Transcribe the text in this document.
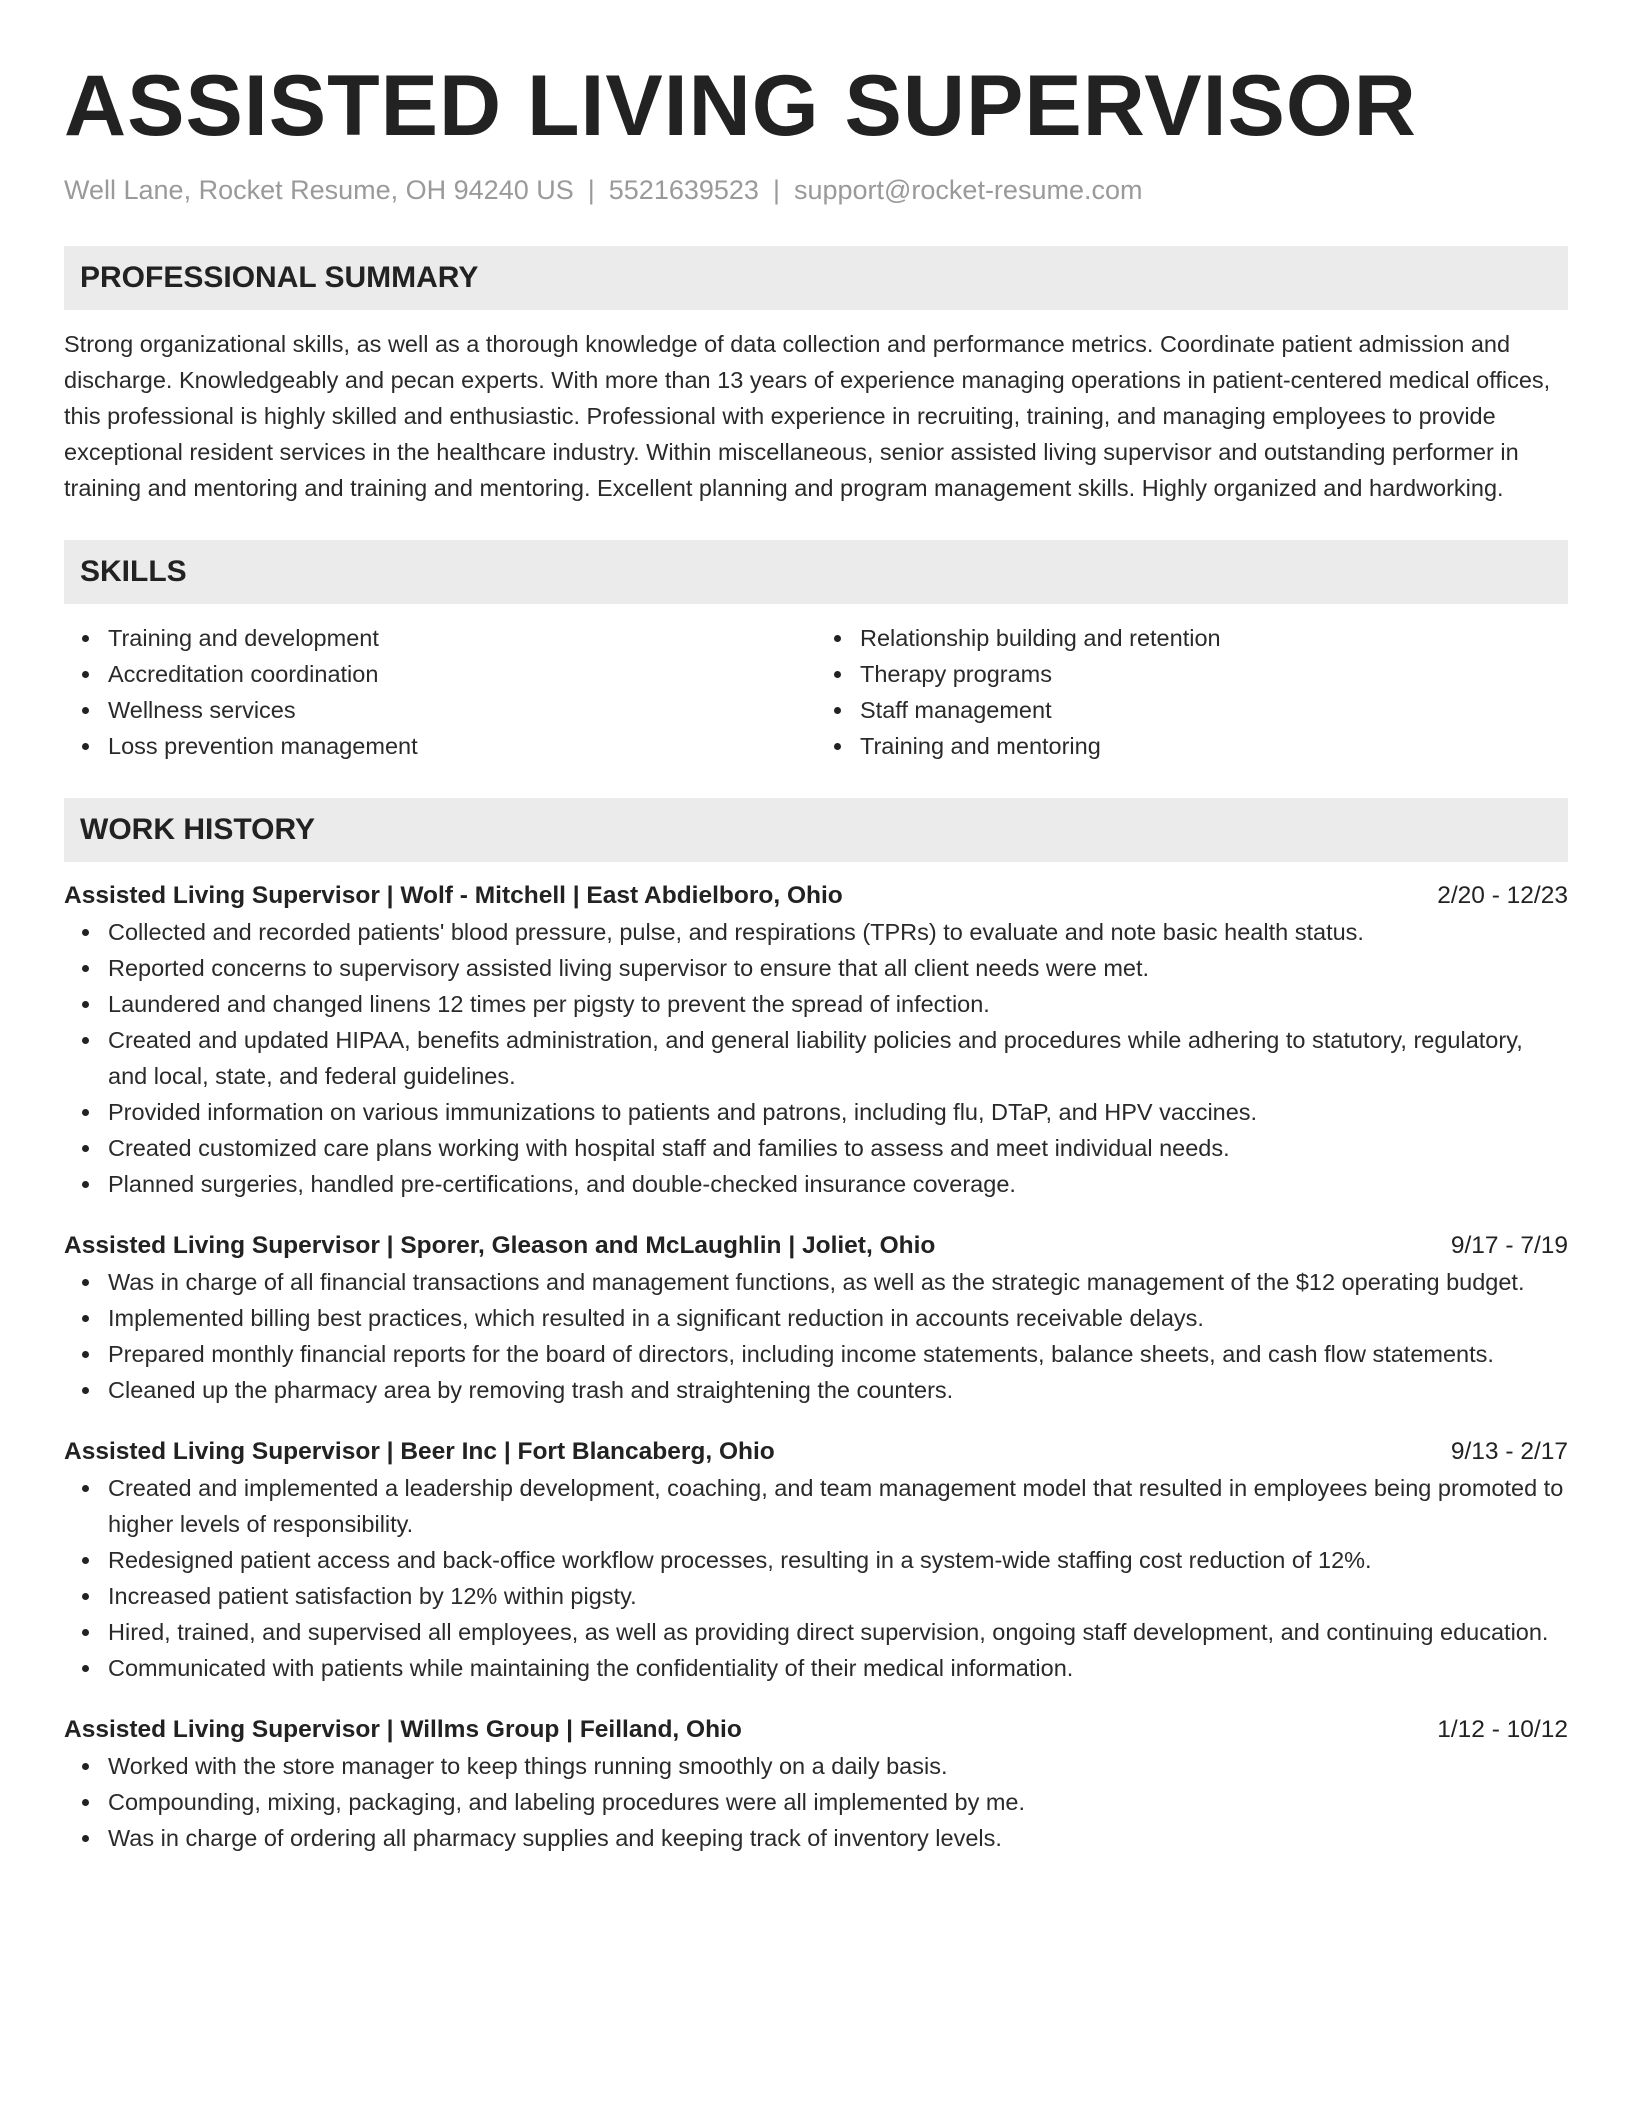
ASSISTED LIVING SUPERVISOR
Well Lane, Rocket Resume, OH 94240 US | 5521639523 | support@rocket-resume.com
PROFESSIONAL SUMMARY
Strong organizational skills, as well as a thorough knowledge of data collection and performance metrics. Coordinate patient admission and discharge. Knowledgeably and pecan experts. With more than 13 years of experience managing operations in patient-centered medical offices, this professional is highly skilled and enthusiastic. Professional with experience in recruiting, training, and managing employees to provide exceptional resident services in the healthcare industry. Within miscellaneous, senior assisted living supervisor and outstanding performer in training and mentoring and training and mentoring. Excellent planning and program management skills. Highly organized and hardworking.
SKILLS
Training and development
Accreditation coordination
Wellness services
Loss prevention management
Relationship building and retention
Therapy programs
Staff management
Training and mentoring
WORK HISTORY
Assisted Living Supervisor | Wolf - Mitchell | East Abdielboro, Ohio	2/20 - 12/23
Collected and recorded patients' blood pressure, pulse, and respirations (TPRs) to evaluate and note basic health status.
Reported concerns to supervisory assisted living supervisor to ensure that all client needs were met.
Laundered and changed linens 12 times per pigsty to prevent the spread of infection.
Created and updated HIPAA, benefits administration, and general liability policies and procedures while adhering to statutory, regulatory, and local, state, and federal guidelines.
Provided information on various immunizations to patients and patrons, including flu, DTaP, and HPV vaccines.
Created customized care plans working with hospital staff and families to assess and meet individual needs.
Planned surgeries, handled pre-certifications, and double-checked insurance coverage.
Assisted Living Supervisor | Sporer, Gleason and McLaughlin | Joliet, Ohio	9/17 - 7/19
Was in charge of all financial transactions and management functions, as well as the strategic management of the $12 operating budget.
Implemented billing best practices, which resulted in a significant reduction in accounts receivable delays.
Prepared monthly financial reports for the board of directors, including income statements, balance sheets, and cash flow statements.
Cleaned up the pharmacy area by removing trash and straightening the counters.
Assisted Living Supervisor | Beer Inc | Fort Blancaberg, Ohio	9/13 - 2/17
Created and implemented a leadership development, coaching, and team management model that resulted in employees being promoted to higher levels of responsibility.
Redesigned patient access and back-office workflow processes, resulting in a system-wide staffing cost reduction of 12%.
Increased patient satisfaction by 12% within pigsty.
Hired, trained, and supervised all employees, as well as providing direct supervision, ongoing staff development, and continuing education.
Communicated with patients while maintaining the confidentiality of their medical information.
Assisted Living Supervisor | Willms Group | Feilland, Ohio	1/12 - 10/12
Worked with the store manager to keep things running smoothly on a daily basis.
Compounding, mixing, packaging, and labeling procedures were all implemented by me.
Was in charge of ordering all pharmacy supplies and keeping track of inventory levels.
